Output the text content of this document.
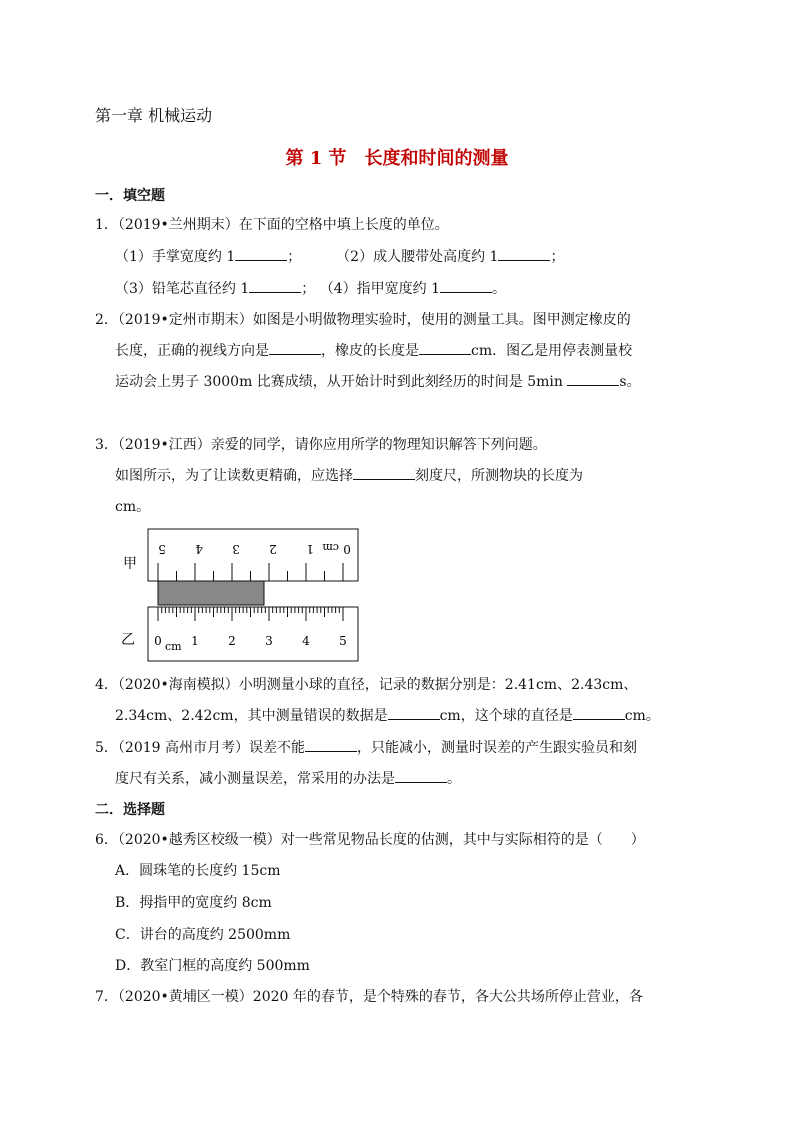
第一章 机械运动
第 1 节　长度和时间的测量
一．填空题
1．（2019•兰州期末）在下面的空格中填上长度的单位。
（1）手掌宽度约 1	； （2）成人腰带处高度约 1	；
（3）铅笔芯直径约 1	； （4）指甲宽度约 1	。
2．（2019•定州市期末）如图是小明做物理实验时，使用的测量工具。图甲测定橡皮的
长度，正确的视线方向是	，橡皮的长度是	cm．图乙是用停表测量校
运动会上男子 3000m 比赛成绩，从开始计时到此刻经历的时间是 5min	s。
3．（2019•江西）亲爱的同学，请你应用所学的物理知识解答下列问题。
如图所示，为了让读数更精确，应选择	刻度尺，所测物块的长度为
cm。
5 4 3 2 1 0
cm
甲
0 1 2 3 4 5
cm
乙
4．（2020•海南模拟）小明测量小球的直径，记录的数据分别是：2.41cm、2.43cm、
2.34cm、2.42cm，其中测量错误的数据是	cm，这个球的直径是	cm。
5．（2019 高州市月考）误差不能	，只能减小，测量时误差的产生跟实验员和刻
度尺有关系，减小测量误差，常采用的办法是	。
二．选择题
6．（2020•越秀区校级一模）对一些常见物品长度的估测，其中与实际相符的是（　　）
A．圆珠笔的长度约 15cm
B．拇指甲的宽度约 8cm
C．讲台的高度约 2500mm
D．教室门框的高度约 500mm
7．（2020•黄埔区一模）2020 年的春节，是个特殊的春节，各大公共场所停止营业，各
